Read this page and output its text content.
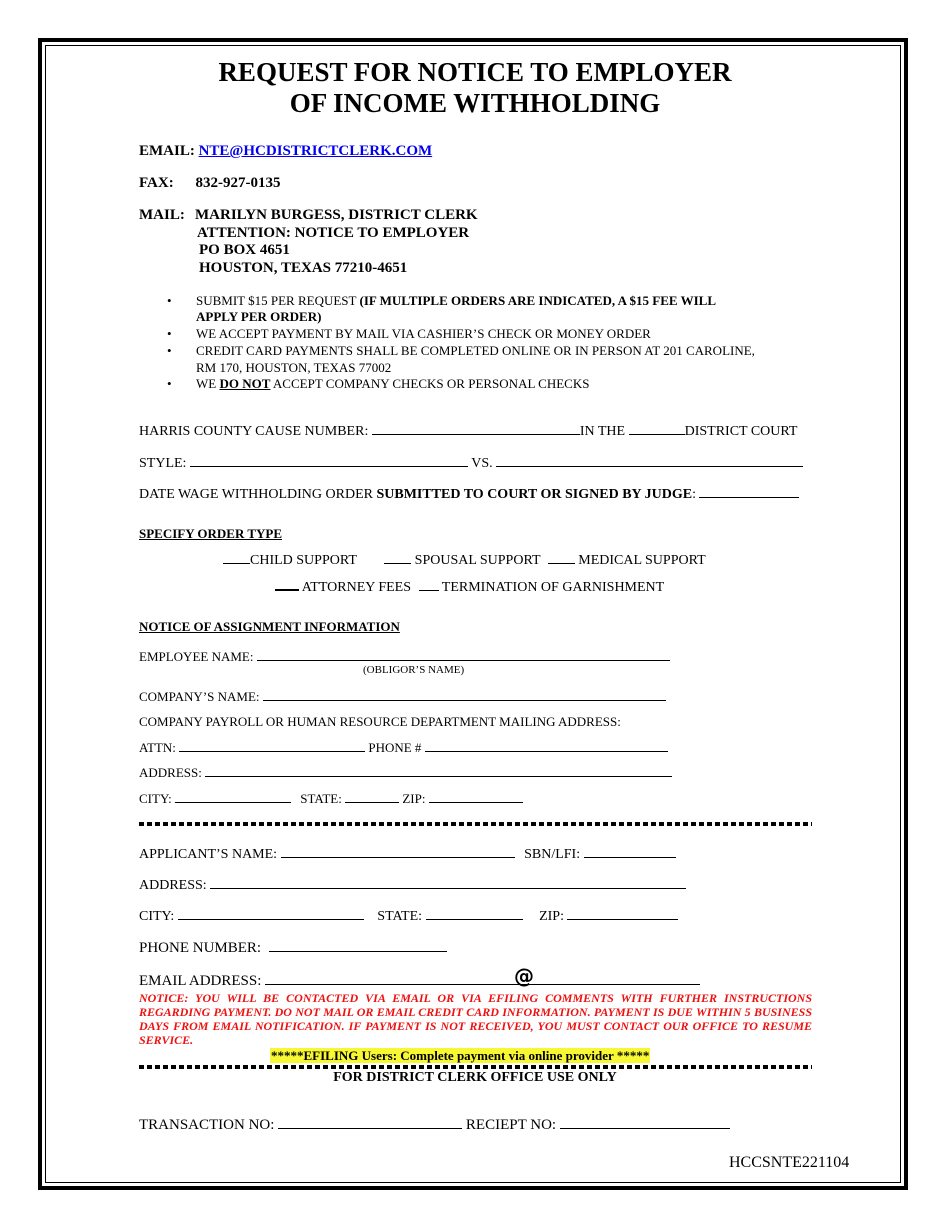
REQUEST FOR NOTICE TO EMPLOYER
OF INCOME WITHHOLDING
EMAIL: NTE@HCDISTRICTCLERK.COM
FAX: 832-927-0135
MAIL: MARILYN BURGESS, DISTRICT CLERK
ATTENTION: NOTICE TO EMPLOYER
PO BOX 4651
HOUSTON, TEXAS 77210-4651
• SUBMIT $15 PER REQUEST (IF MULTIPLE ORDERS ARE INDICATED, A $15 FEE WILL
APPLY PER ORDER)
• WE ACCEPT PAYMENT BY MAIL VIA CASHIER’S CHECK OR MONEY ORDER
• CREDIT CARD PAYMENTS SHALL BE COMPLETED ONLINE OR IN PERSON AT 201 CAROLINE,
RM 170, HOUSTON, TEXAS 77002
• WE DO NOT ACCEPT COMPANY CHECKS OR PERSONAL CHECKS
HARRIS COUNTY CAUSE NUMBER:	IN THE	DISTRICT COURT
STYLE:	VS.
DATE WAGE WITHHOLDING ORDER SUBMITTED TO COURT OR SIGNED BY JUDGE:
SPECIFY ORDER TYPE
CHILD SUPPORT	SPOUSAL SUPPORT	MEDICAL SUPPORT
ATTORNEY FEES TERMINATION OF GARNISHMENT
NOTICE OF ASSIGNMENT INFORMATION
EMPLOYEE NAME:
(OBLIGOR’S NAME)
COMPANY’S NAME:
COMPANY PAYROLL OR HUMAN RESOURCE DEPARTMENT MAILING ADDRESS:
ATTN:	PHONE #
ADDRESS:
CITY:	STATE:	ZIP:
APPLICANT’S NAME:	SBN/LFI:
ADDRESS:
CITY:	STATE:	ZIP:
PHONE NUMBER:
EMAIL ADDRESS:	@
NOTICE: YOU WILL BE CONTACTED VIA EMAIL OR VIA EFILING COMMENTS WITH FURTHER INSTRUCTIONS REGARDING PAYMENT. DO NOT MAIL OR EMAIL CREDIT CARD INFORMATION. PAYMENT IS DUE WITHIN 5 BUSINESS DAYS FROM EMAIL NOTIFICATION. IF PAYMENT IS NOT RECEIVED, YOU MUST CONTACT OUR OFFICE TO RESUME SERVICE.
*****EFILING Users: Complete payment via online provider *****
FOR DISTRICT CLERK OFFICE USE ONLY
TRANSACTION NO:	RECIEPT NO:
HCCSNTE221104
